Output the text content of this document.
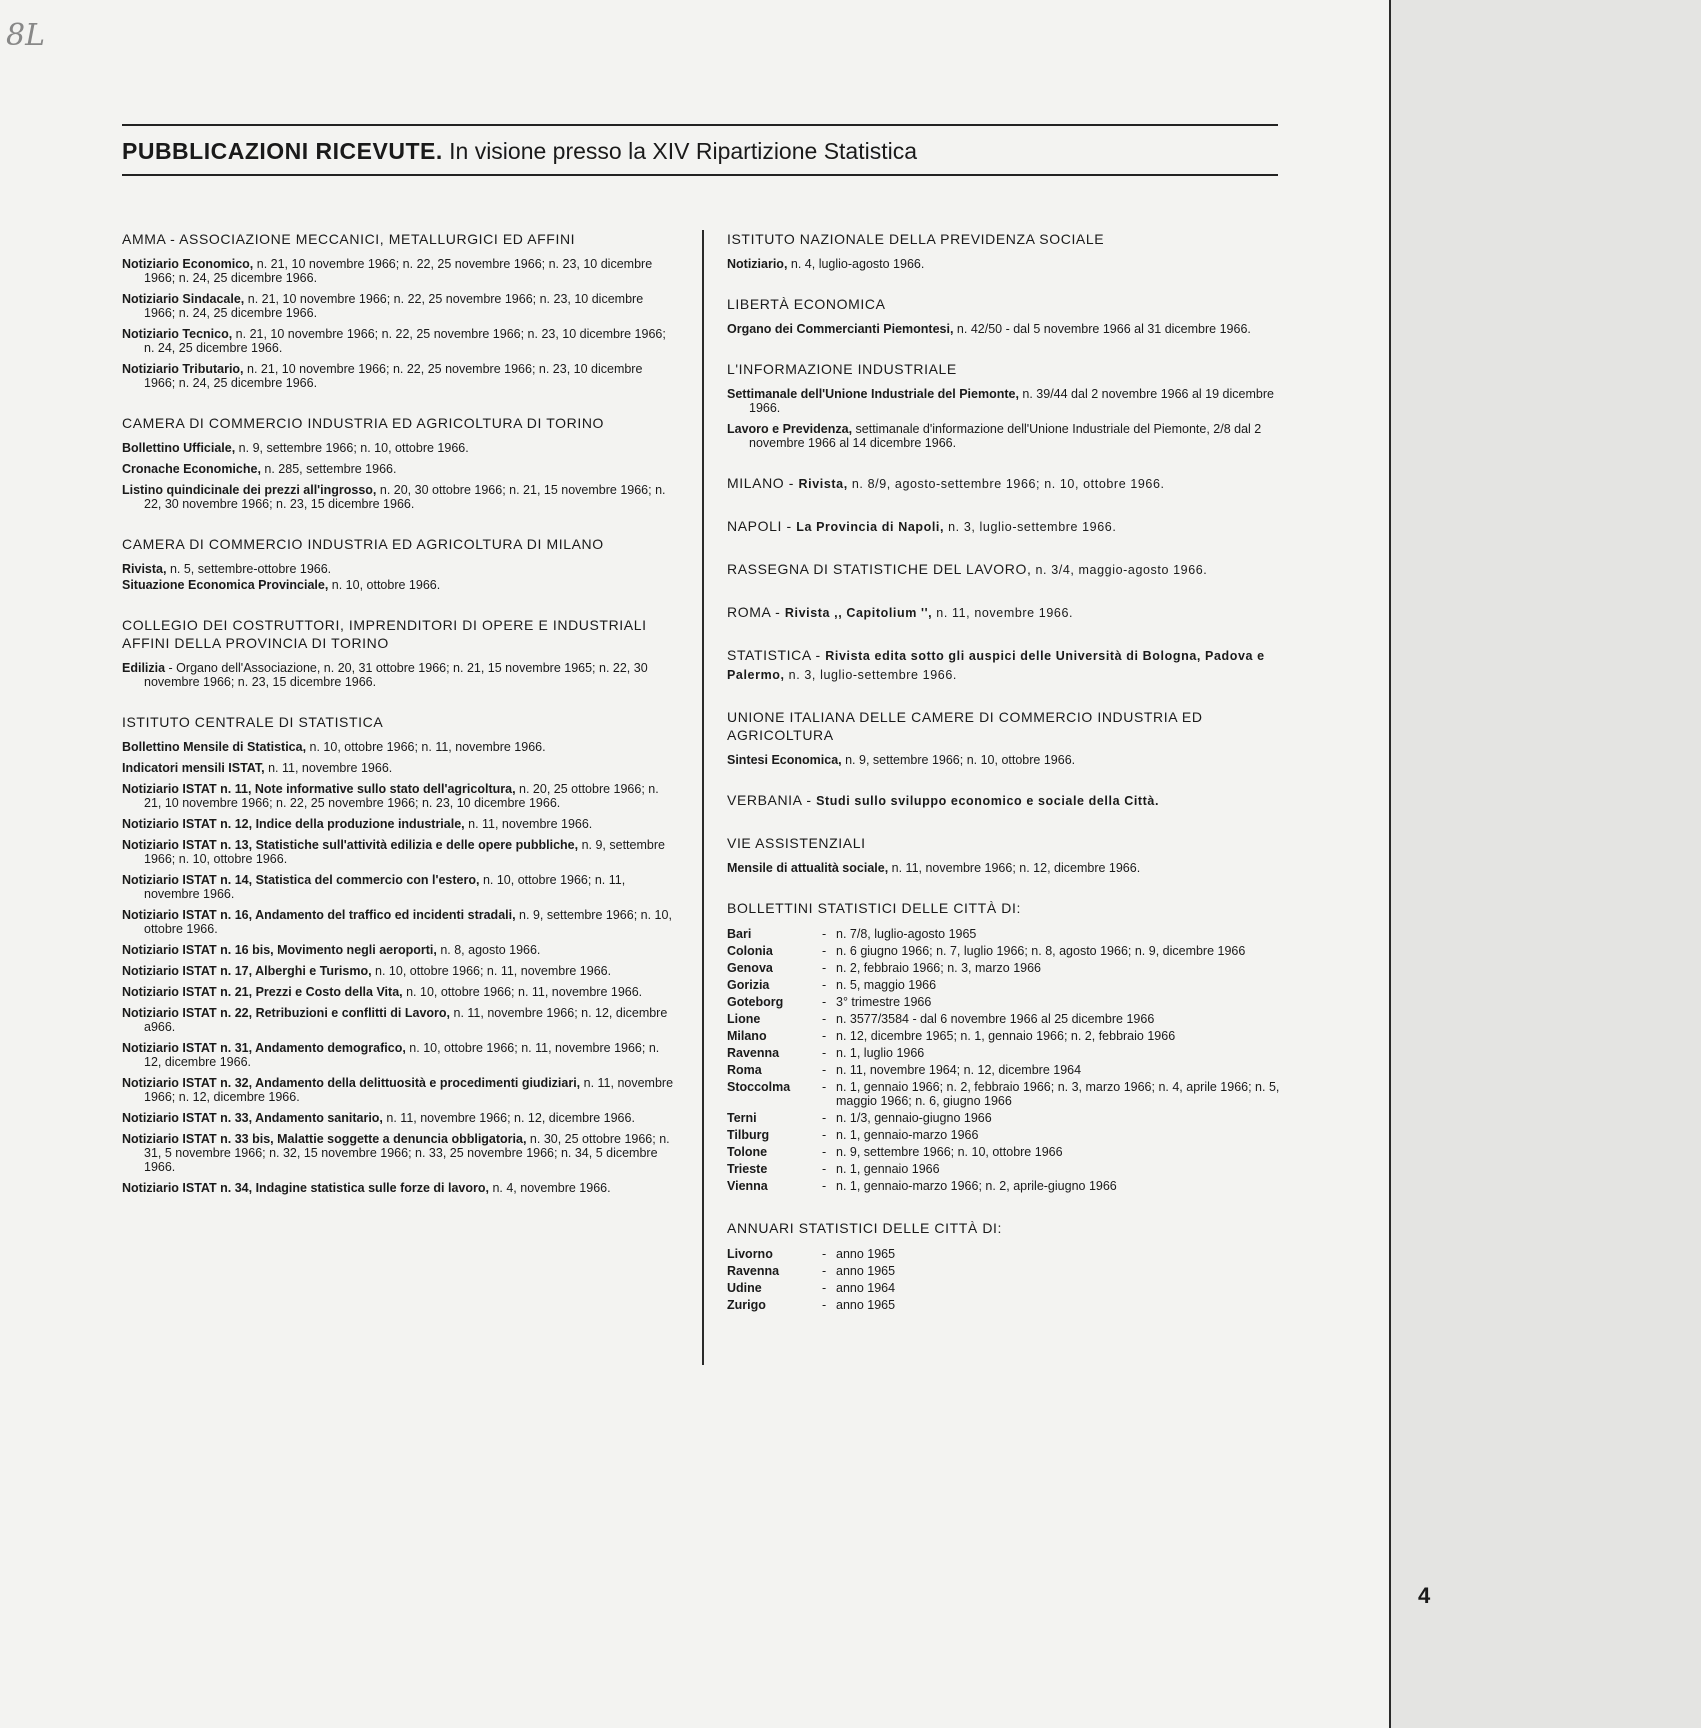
8L
PUBBLICAZIONI RICEVUTE. In visione presso la XIV Ripartizione Statistica
AMMA - ASSOCIAZIONE MECCANICI, METALLURGICI ED AFFINI
Notiziario Economico, n. 21, 10 novembre 1966; n. 22, 25 novembre 1966; n. 23, 10 dicembre 1966; n. 24, 25 dicembre 1966.
Notiziario Sindacale, n. 21, 10 novembre 1966; n. 22, 25 novembre 1966; n. 23, 10 dicembre 1966; n. 24, 25 dicembre 1966.
Notiziario Tecnico, n. 21, 10 novembre 1966; n. 22, 25 novembre 1966; n. 23, 10 dicembre 1966; n. 24, 25 dicembre 1966.
Notiziario Tributario, n. 21, 10 novembre 1966; n. 22, 25 novembre 1966; n. 23, 10 dicembre 1966; n. 24, 25 dicembre 1966.
CAMERA DI COMMERCIO INDUSTRIA ED AGRICOLTURA DI TORINO
Bollettino Ufficiale, n. 9, settembre 1966; n. 10, ottobre 1966.
Cronache Economiche, n. 285, settembre 1966.
Listino quindicinale dei prezzi all'ingrosso, n. 20, 30 ottobre 1966; n. 21, 15 novembre 1966; n. 22, 30 novembre 1966; n. 23, 15 dicembre 1966.
CAMERA DI COMMERCIO INDUSTRIA ED AGRICOLTURA DI MILANO
Rivista, n. 5, settembre-ottobre 1966.
Situazione Economica Provinciale, n. 10, ottobre 1966.
COLLEGIO DEI COSTRUTTORI, IMPRENDITORI DI OPERE E INDUSTRIALI AFFINI DELLA PROVINCIA DI TORINO
Edilizia - Organo dell'Associazione, n. 20, 31 ottobre 1966; n. 21, 15 novembre 1965; n. 22, 30 novembre 1966; n. 23, 15 dicembre 1966.
ISTITUTO CENTRALE DI STATISTICA
Bollettino Mensile di Statistica, n. 10, ottobre 1966; n. 11, novembre 1966.
Indicatori mensili ISTAT, n. 11, novembre 1966.
Notiziario ISTAT n. 11, Note informative sullo stato dell'agricoltura, n. 20, 25 ottobre 1966; n. 21, 10 novembre 1966; n. 22, 25 novembre 1966; n. 23, 10 dicembre 1966.
Notiziario ISTAT n. 12, Indice della produzione industriale, n. 11, novembre 1966.
Notiziario ISTAT n. 13, Statistiche sull'attività edilizia e delle opere pubbliche, n. 9, settembre 1966; n. 10, ottobre 1966.
Notiziario ISTAT n. 14, Statistica del commercio con l'estero, n. 10, ottobre 1966; n. 11, novembre 1966.
Notiziario ISTAT n. 16, Andamento del traffico ed incidenti stradali, n. 9, settembre 1966; n. 10, ottobre 1966.
Notiziario ISTAT n. 16 bis, Movimento negli aeroporti, n. 8, agosto 1966.
Notiziario ISTAT n. 17, Alberghi e Turismo, n. 10, ottobre 1966; n. 11, novembre 1966.
Notiziario ISTAT n. 21, Prezzi e Costo della Vita, n. 10, ottobre 1966; n. 11, novembre 1966.
Notiziario ISTAT n. 22, Retribuzioni e conflitti di Lavoro, n. 11, novembre 1966; n. 12, dicembre a966.
Notiziario ISTAT n. 31, Andamento demografico, n. 10, ottobre 1966; n. 11, novembre 1966; n. 12, dicembre 1966.
Notiziario ISTAT n. 32, Andamento della delittuosità e procedimenti giudiziari, n. 11, novembre 1966; n. 12, dicembre 1966.
Notiziario ISTAT n. 33, Andamento sanitario, n. 11, novembre 1966; n. 12, dicembre 1966.
Notiziario ISTAT n. 33 bis, Malattie soggette a denuncia obbligatoria, n. 30, 25 ottobre 1966; n. 31, 5 novembre 1966; n. 32, 15 novembre 1966; n. 33, 25 novembre 1966; n. 34, 5 dicembre 1966.
Notiziario ISTAT n. 34, Indagine statistica sulle forze di lavoro, n. 4, novembre 1966.
ISTITUTO NAZIONALE DELLA PREVIDENZA SOCIALE
Notiziario, n. 4, luglio-agosto 1966.
LIBERTÀ ECONOMICA
Organo dei Commercianti Piemontesi, n. 42/50 - dal 5 novembre 1966 al 31 dicembre 1966.
L'INFORMAZIONE INDUSTRIALE
Settimanale dell'Unione Industriale del Piemonte, n. 39/44 dal 2 novembre 1966 al 19 dicembre 1966.
Lavoro e Previdenza, settimanale d'informazione dell'Unione Industriale del Piemonte, 2/8 dal 2 novembre 1966 al 14 dicembre 1966.
MILANO - Rivista, n. 8/9, agosto-settembre 1966; n. 10, ottobre 1966.
NAPOLI - La Provincia di Napoli, n. 3, luglio-settembre 1966.
RASSEGNA DI STATISTICHE DEL LAVORO, n. 3/4, maggio-agosto 1966.
ROMA - Rivista ,, Capitolium '', n. 11, novembre 1966.
STATISTICA - Rivista edita sotto gli auspici delle Università di Bologna, Padova e Palermo, n. 3, luglio-settembre 1966.
UNIONE ITALIANA DELLE CAMERE DI COMMERCIO INDUSTRIA ED AGRICOLTURA
Sintesi Economica, n. 9, settembre 1966; n. 10, ottobre 1966.
VERBANIA - Studi sullo sviluppo economico e sociale della Città.
VIE ASSISTENZIALI
Mensile di attualità sociale, n. 11, novembre 1966; n. 12, dicembre 1966.
BOLLETTINI STATISTICI DELLE CITTÀ DI:
Bari	-	n. 7/8, luglio-agosto 1965
Colonia	-	n. 6 giugno 1966; n. 7, luglio 1966; n. 8, agosto 1966; n. 9, dicembre 1966
Genova	-	n. 2, febbraio 1966; n. 3, marzo 1966
Gorizia	-	n. 5, maggio 1966
Goteborg	-	3° trimestre 1966
Lione	-	n. 3577/3584 - dal 6 novembre 1966 al 25 dicembre 1966
Milano	-	n. 12, dicembre 1965; n. 1, gennaio 1966; n. 2, febbraio 1966
Ravenna	-	n. 1, luglio 1966
Roma	-	n. 11, novembre 1964; n. 12, dicembre 1964
Stoccolma	-	n. 1, gennaio 1966; n. 2, febbraio 1966; n. 3, marzo 1966; n. 4, aprile 1966; n. 5, maggio 1966; n. 6, giugno 1966
Terni	-	n. 1/3, gennaio-giugno 1966
Tilburg	-	n. 1, gennaio-marzo 1966
Tolone	-	n. 9, settembre 1966; n. 10, ottobre 1966
Trieste	-	n. 1, gennaio 1966
Vienna	-	n. 1, gennaio-marzo 1966; n. 2, aprile-giugno 1966
ANNUARI STATISTICI DELLE CITTÀ DI:
Livorno	-	anno 1965
Ravenna	-	anno 1965
Udine	-	anno 1964
Zurigo	-	anno 1965
4
